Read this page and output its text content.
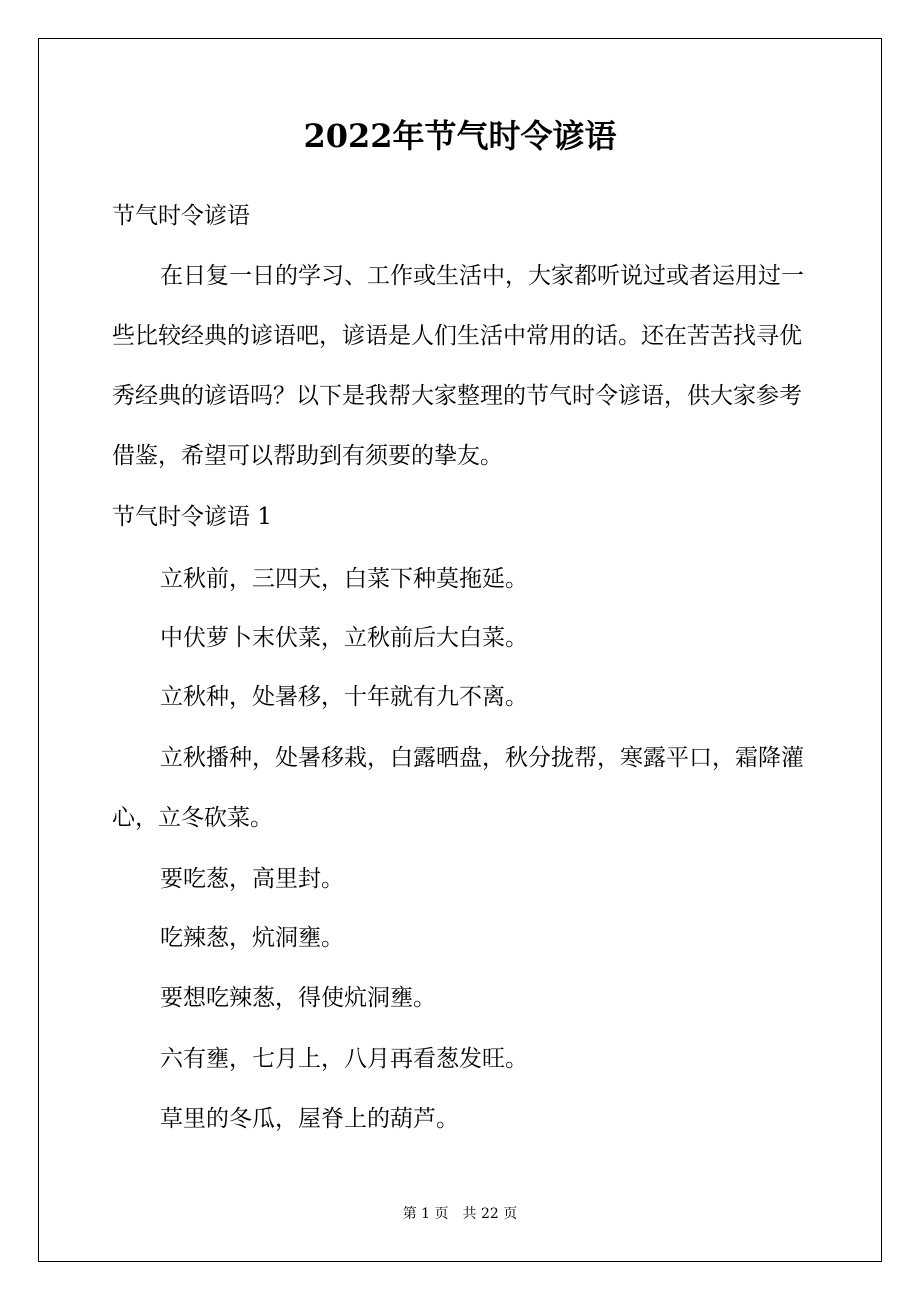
2022年节气时令谚语

节气时令谚语

在日复一日的学习、工作或生活中，大家都听说过或者运用过一些比较经典的谚语吧，谚语是人们生活中常用的话。还在苦苦找寻优秀经典的谚语吗？以下是我帮大家整理的节气时令谚语，供大家参考借鉴，希望可以帮助到有须要的挚友。

节气时令谚语 1

立秋前，三四天，白菜下种莫拖延。

中伏萝卜末伏菜，立秋前后大白菜。

立秋种，处暑移，十年就有九不离。

立秋播种，处暑移栽，白露晒盘，秋分拢帮，寒露平口，霜降灌心，立冬砍菜。

要吃葱，高里封。

吃辣葱，炕洞壅。

要想吃辣葱，得使炕洞壅。

六有壅，七月上，八月再看葱发旺。

草里的冬瓜，屋脊上的葫芦。

第 1 页　共 22 页
